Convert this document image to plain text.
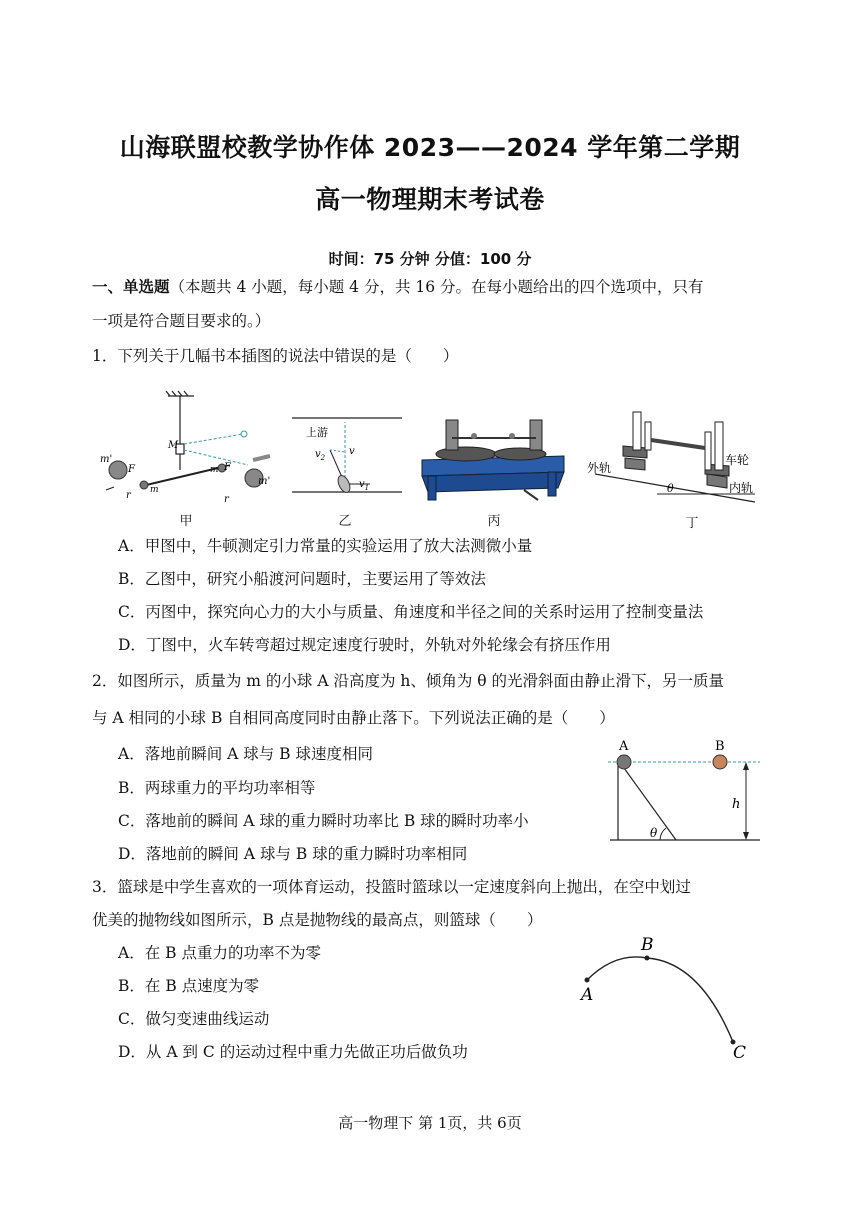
山海联盟校教学协作体 2023——2024 学年第二学期
高一物理期末考试卷
时间：75 分钟 分值：100 分
一、单选题（本题共 4 小题，每小题 4 分，共 16 分。在每小题给出的四个选项中，只有
一项是符合题目要求的。）
1．下列关于几幅书本插图的说法中错误的是（　　）
M
m'
F
m
r
m F
m'
r
甲
上游
v
$v_2$
$v_1$
乙	丙
外轨
车轮
内轨
θ
丁
A．甲图中，牛顿测定引力常量的实验运用了放大法测微小量
B．乙图中，研究小船渡河问题时，主要运用了等效法
C．丙图中，探究向心力的大小与质量、角速度和半径之间的关系时运用了控制变量法
D．丁图中，火车转弯超过规定速度行驶时，外轨对外轮缘会有挤压作用
2．如图所示，质量为 m 的小球 A 沿高度为 h、倾角为 θ 的光滑斜面由静止滑下，另一质量
与 A 相同的小球 B 自相同高度同时由静止落下。下列说法正确的是（　　）
A．落地前瞬间 A 球与 B 球速度相同
B．两球重力的平均功率相等
C．落地前的瞬间 A 球的重力瞬时功率比 B 球的瞬时功率小
D．落地前的瞬间 A 球与 B 球的重力瞬时功率相同
A	B
h
θ
3．篮球是中学生喜欢的一项体育运动，投篮时篮球以一定速度斜向上抛出，在空中划过
优美的抛物线如图所示，B 点是抛物线的最高点，则篮球（　　）
A．在 B 点重力的功率不为零
B．在 B 点速度为零
C．做匀变速曲线运动
D．从 A 到 C 的运动过程中重力先做正功后做负功
A
B
C
高一物理下 第 1页，共 6页
